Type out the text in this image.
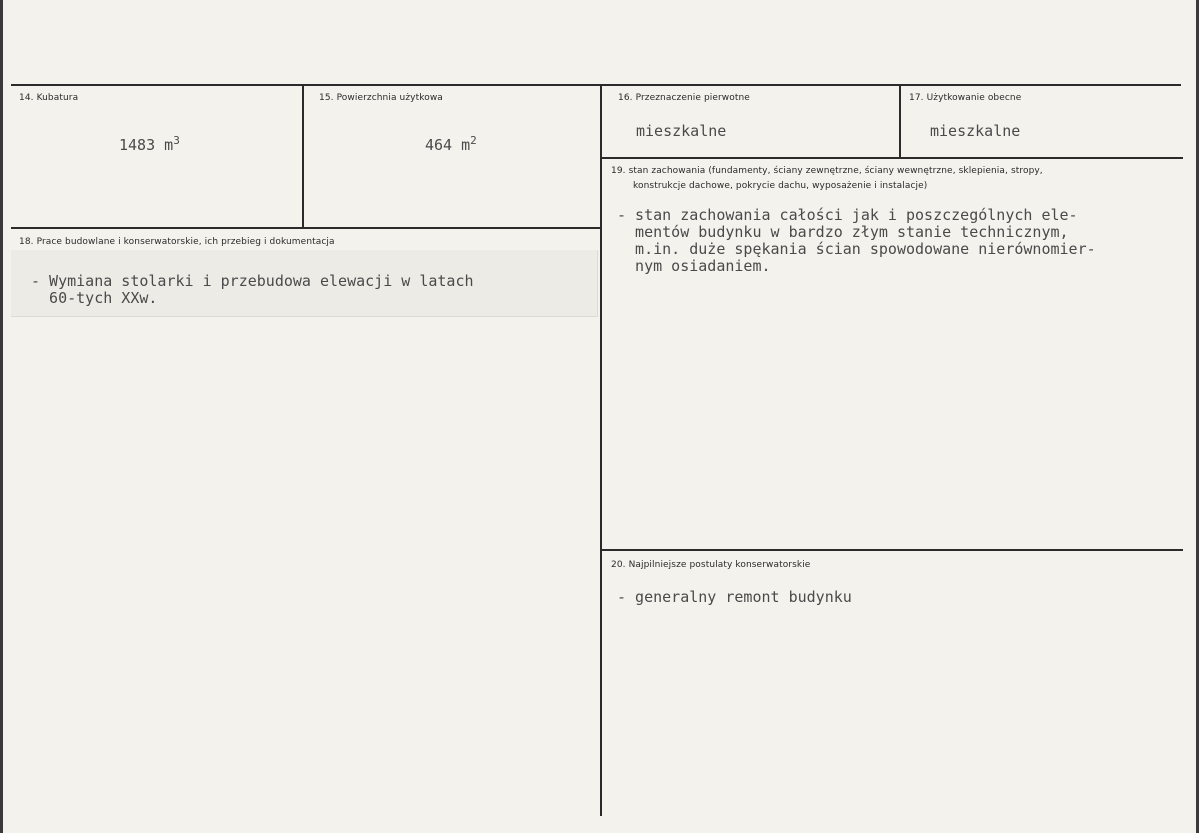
14. Kubatura
1483 $m^3$
15. Powierzchnia użytkowa
464 $m^2$
16. Przeznaczenie pierwotne
mieszkalne
17. Użytkowanie obecne
mieszkalne
18. Prace budowlane i konserwatorskie, ich przebieg i dokumentacja
- Wymiana stolarki i przebudowa elewacji w latach
60-tych XXw.
19. stan zachowania (fundamenty, ściany zewnętrzne, ściany wewnętrzne, sklepienia, stropy,
konstrukcje dachowe, pokrycie dachu, wyposażenie i instalacje)
- stan zachowania całości jak i poszczególnych ele-
mentów budynku w bardzo złym stanie technicznym,
m.in. duże spękania ścian spowodowane nierównomier-
nym osiadaniem.
20. Najpilniejsze postulaty konserwatorskie
- generalny remont budynku
